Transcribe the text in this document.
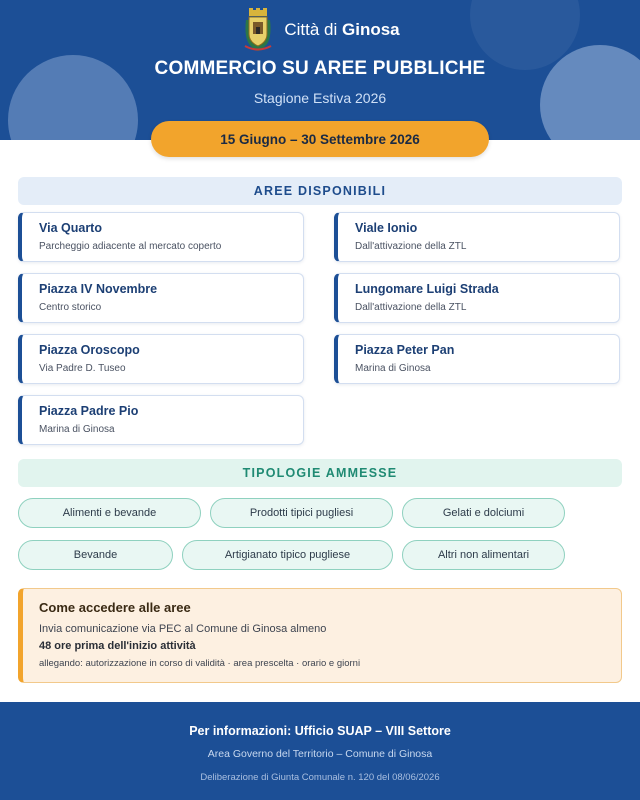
Città di Ginosa
COMMERCIO SU AREE PUBBLICHE
Stagione Estiva 2026
15 Giugno – 30 Settembre 2026
AREE DISPONIBILI
Via Quarto
Parcheggio adiacente al mercato coperto
Viale Ionio
Dall'attivazione della ZTL
Piazza IV Novembre
Centro storico
Lungomare Luigi Strada
Dall'attivazione della ZTL
Piazza Oroscopo
Via Padre D. Tuseo
Piazza Peter Pan
Marina di Ginosa
Piazza Padre Pio
Marina di Ginosa
TIPOLOGIE AMMESSE
Alimenti e bevande	Prodotti tipici pugliesi	Gelati e dolciumi
Bevande	Artigianato tipico pugliese	Altri non alimentari
Come accedere alle aree
Invia comunicazione via PEC al Comune di Ginosa almeno
48 ore prima dell'inizio attività
allegando: autorizzazione in corso di validità · area prescelta · orario e giorni
Per informazioni: Ufficio SUAP – VIII Settore
Area Governo del Territorio – Comune di Ginosa
Deliberazione di Giunta Comunale n. 120 del 08/06/2026
